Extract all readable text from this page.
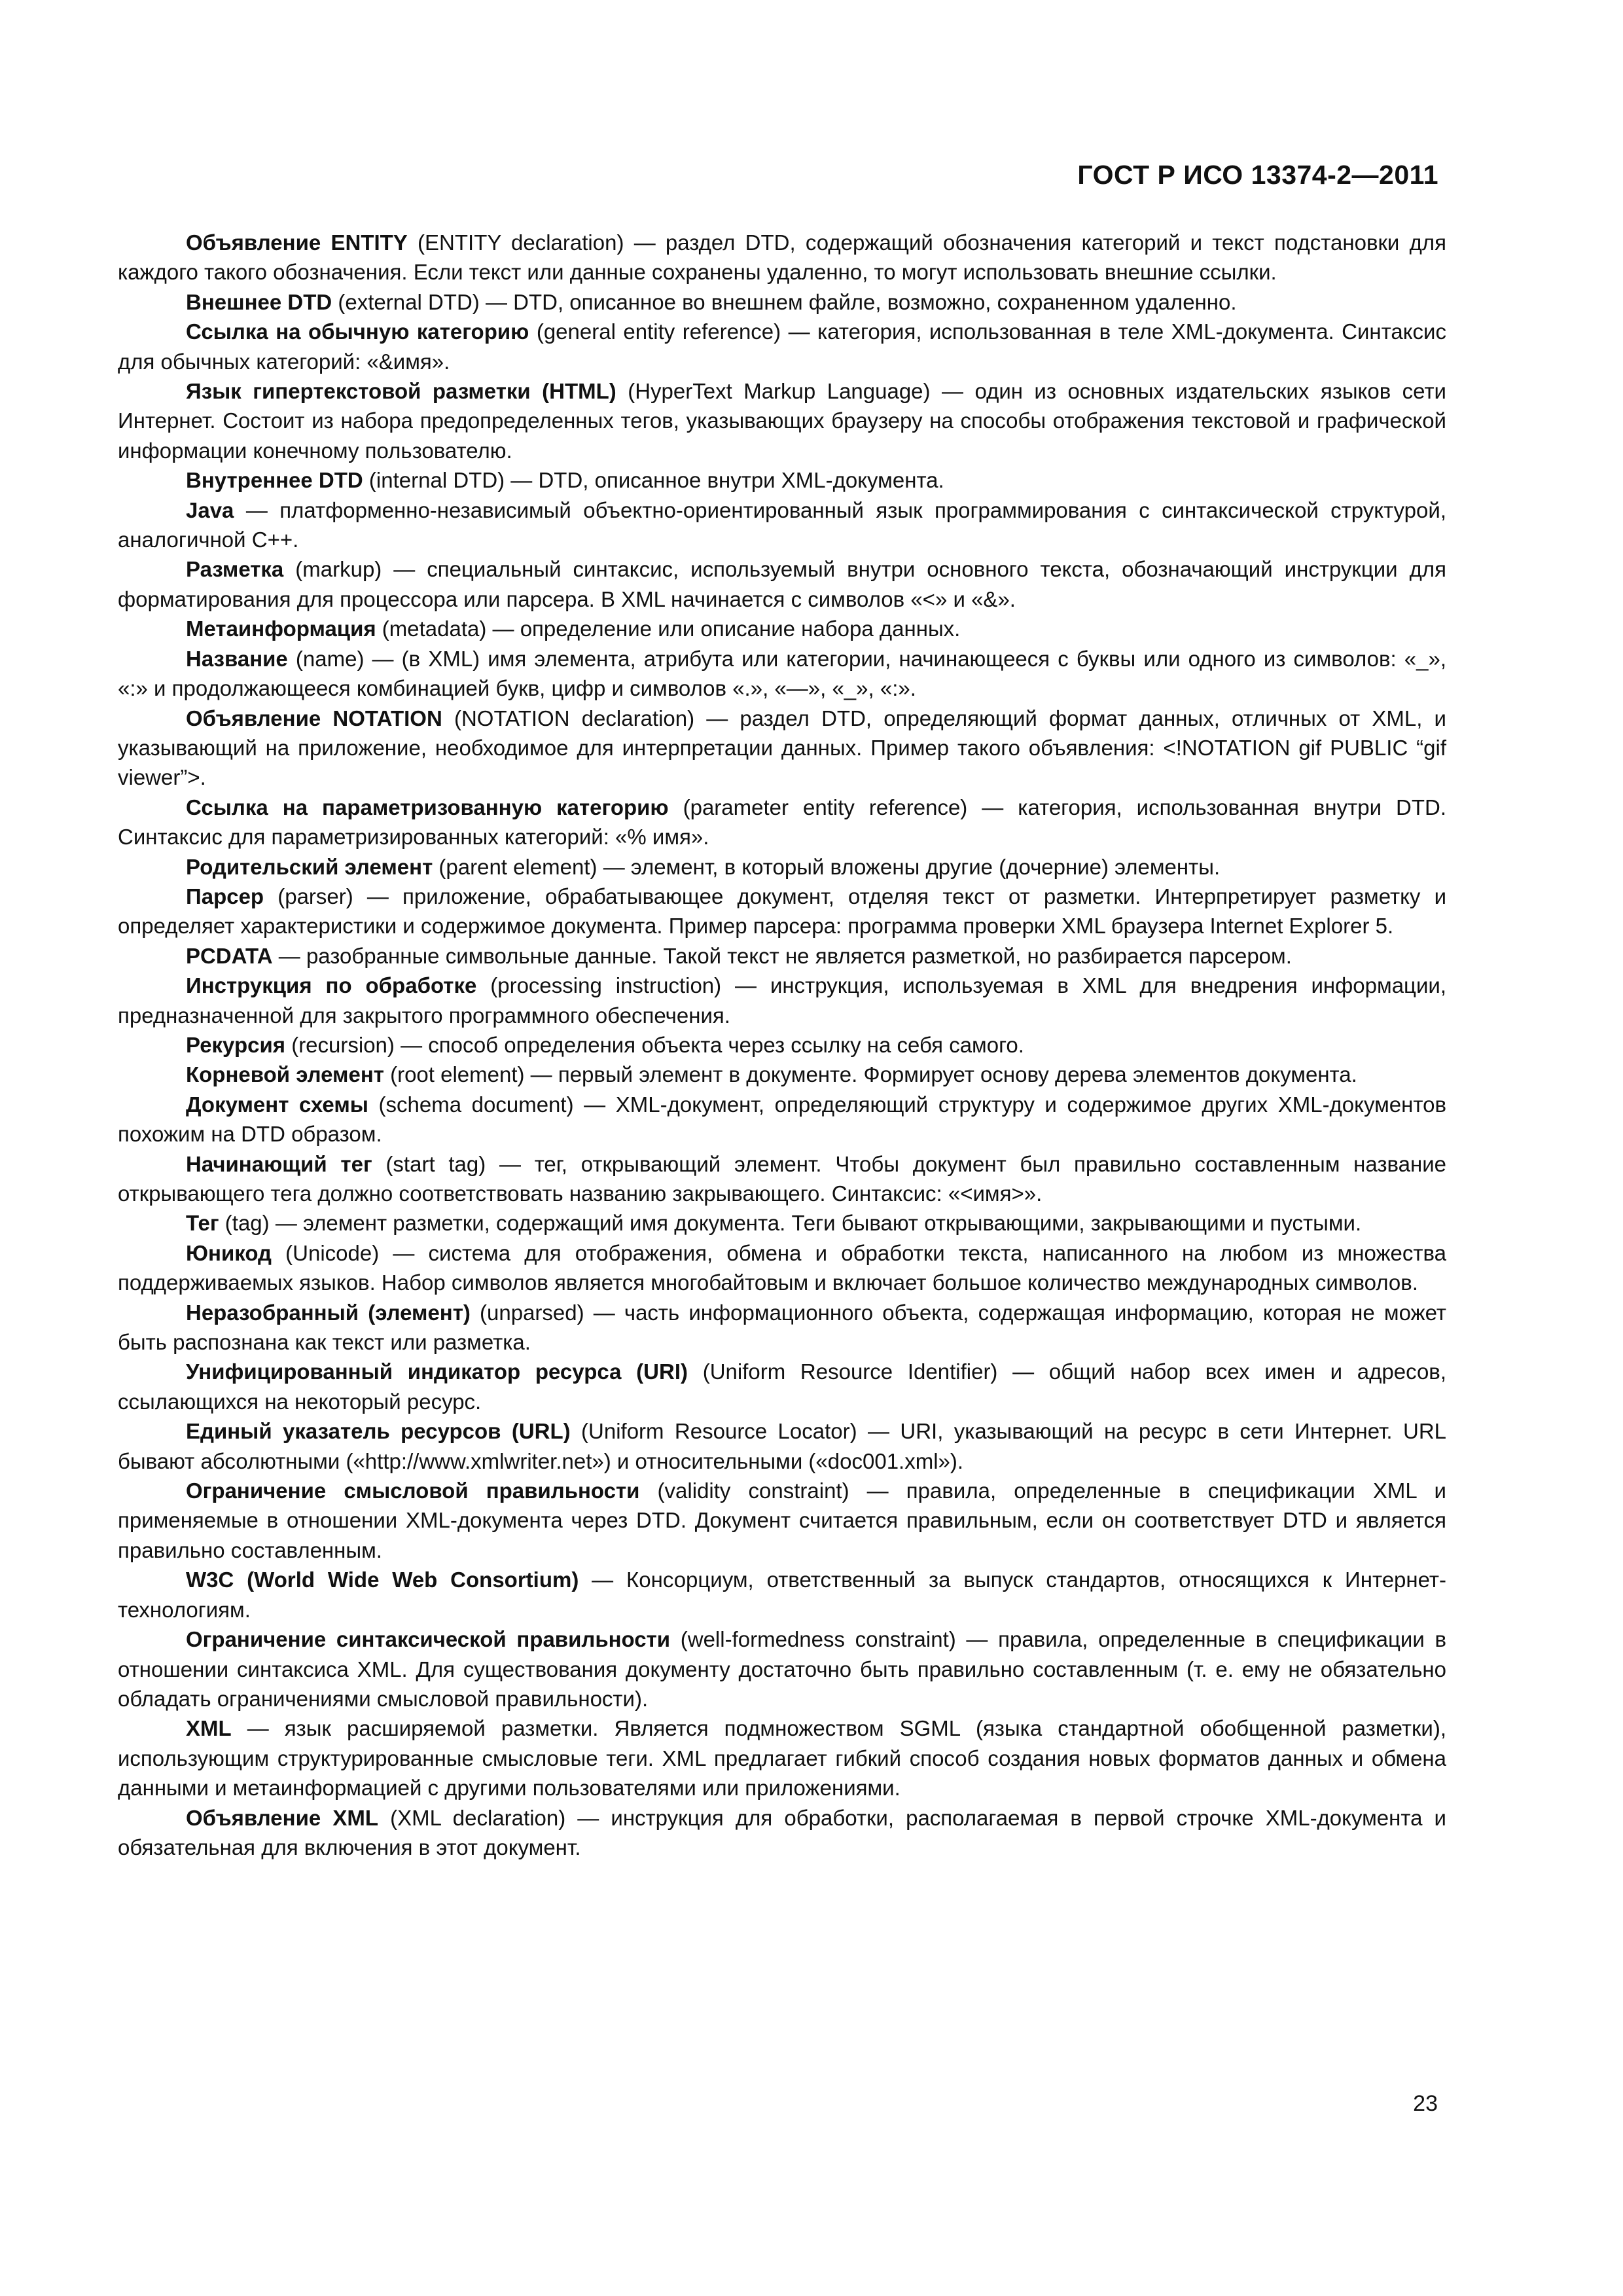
ГОСТ Р ИСО 13374-2—2011

Объявление ENTITY (ENTITY declaration) — раздел DTD, содержащий обозначения категорий и текст подстановки для каждого такого обозначения. Если текст или данные сохранены удаленно, то могут использовать внешние ссылки.

Внешнее DTD (external DTD) — DTD, описанное во внешнем файле, возможно, сохраненном удаленно.

Ссылка на обычную категорию (general entity reference) — категория, использованная в теле XML-документа. Синтаксис для обычных категорий: «&имя».

Язык гипертекстовой разметки (HTML) (HyperText Markup Language) — один из основных издательских языков сети Интернет. Состоит из набора предопределенных тегов, указывающих браузеру на способы отображения текстовой и графической информации конечному пользователю.

Внутреннее DTD (internal DTD) — DTD, описанное внутри XML-документа.

Java — платформенно-независимый объектно-ориентированный язык программирования с синтаксической структурой, аналогичной С++.

Разметка (markup) — специальный синтаксис, используемый внутри основного текста, обозначающий инструкции для форматирования для процессора или парсера. В XML начинается с символов «<» и «&».

Метаинформация (metadata) — определение или описание набора данных.

Название (name) — (в XML) имя элемента, атрибута или категории, начинающееся с буквы или одного из символов: «_», «:» и продолжающееся комбинацией букв, цифр и символов «.», «—», «_», «:».

Объявление NOTATION (NOTATION declaration) — раздел DTD, определяющий формат данных, отличных от XML, и указывающий на приложение, необходимое для интерпретации данных. Пример такого объявления: <!NOTATION gif PUBLIC “gif viewer”>.

Ссылка на параметризованную категорию (parameter entity reference) — категория, использованная внутри DTD. Синтаксис для параметризированных категорий: «% имя».

Родительский элемент (parent element) — элемент, в который вложены другие (дочерние) элементы.

Парсер (parser) — приложение, обрабатывающее документ, отделяя текст от разметки. Интерпретирует разметку и определяет характеристики и содержимое документа. Пример парсера: программа проверки XML браузера Internet Explorer 5.

PCDATA — разобранные символьные данные. Такой текст не является разметкой, но разбирается парсером.

Инструкция по обработке (processing instruction) — инструкция, используемая в XML для внедрения информации, предназначенной для закрытого программного обеспечения.

Рекурсия (recursion) — способ определения объекта через ссылку на себя самого.

Корневой элемент (root element) — первый элемент в документе. Формирует основу дерева элементов документа.

Документ схемы (schema document) — XML-документ, определяющий структуру и содержимое других XML-документов похожим на DTD образом.

Начинающий тег (start tag) — тег, открывающий элемент. Чтобы документ был правильно составленным название открывающего тега должно соответствовать названию закрывающего. Синтаксис: «<имя>».

Тег (tag) — элемент разметки, содержащий имя документа. Теги бывают открывающими, закрывающими и пустыми.

Юникод (Unicode) — система для отображения, обмена и обработки текста, написанного на любом из множества поддерживаемых языков. Набор символов является многобайтовым и включает большое количество международных символов.

Неразобранный (элемент) (unparsed) — часть информационного объекта, содержащая информацию, которая не может быть распознана как текст или разметка.

Унифицированный индикатор ресурса (URI) (Uniform Resource Identifier) — общий набор всех имен и адресов, ссылающихся на некоторый ресурс.

Единый указатель ресурсов (URL) (Uniform Resource Locator) — URI, указывающий на ресурс в сети Интернет. URL бывают абсолютными («http://www.xmlwriter.net») и относительными («doc001.xml»).

Ограничение смысловой правильности (validity constraint) — правила, определенные в спецификации XML и применяемые в отношении XML-документа через DTD. Документ считается правильным, если он соответствует DTD и является правильно составленным.

W3C (World Wide Web Consortium) — Консорциум, ответственный за выпуск стандартов, относящихся к Интернет-технологиям.

Ограничение синтаксической правильности (well-formedness constraint) — правила, определенные в спецификации в отношении синтаксиса XML. Для существования документу достаточно быть правильно составленным (т. е. ему не обязательно обладать ограничениями смысловой правильности).

XML — язык расширяемой разметки. Является подмножеством SGML (языка стандартной обобщенной разметки), использующим структурированные смысловые теги. XML предлагает гибкий способ создания новых форматов данных и обмена данными и метаинформацией с другими пользователями или приложениями.

Объявление XML (XML declaration) — инструкция для обработки, располагаемая в первой строчке XML-документа и обязательная для включения в этот документ.

23
